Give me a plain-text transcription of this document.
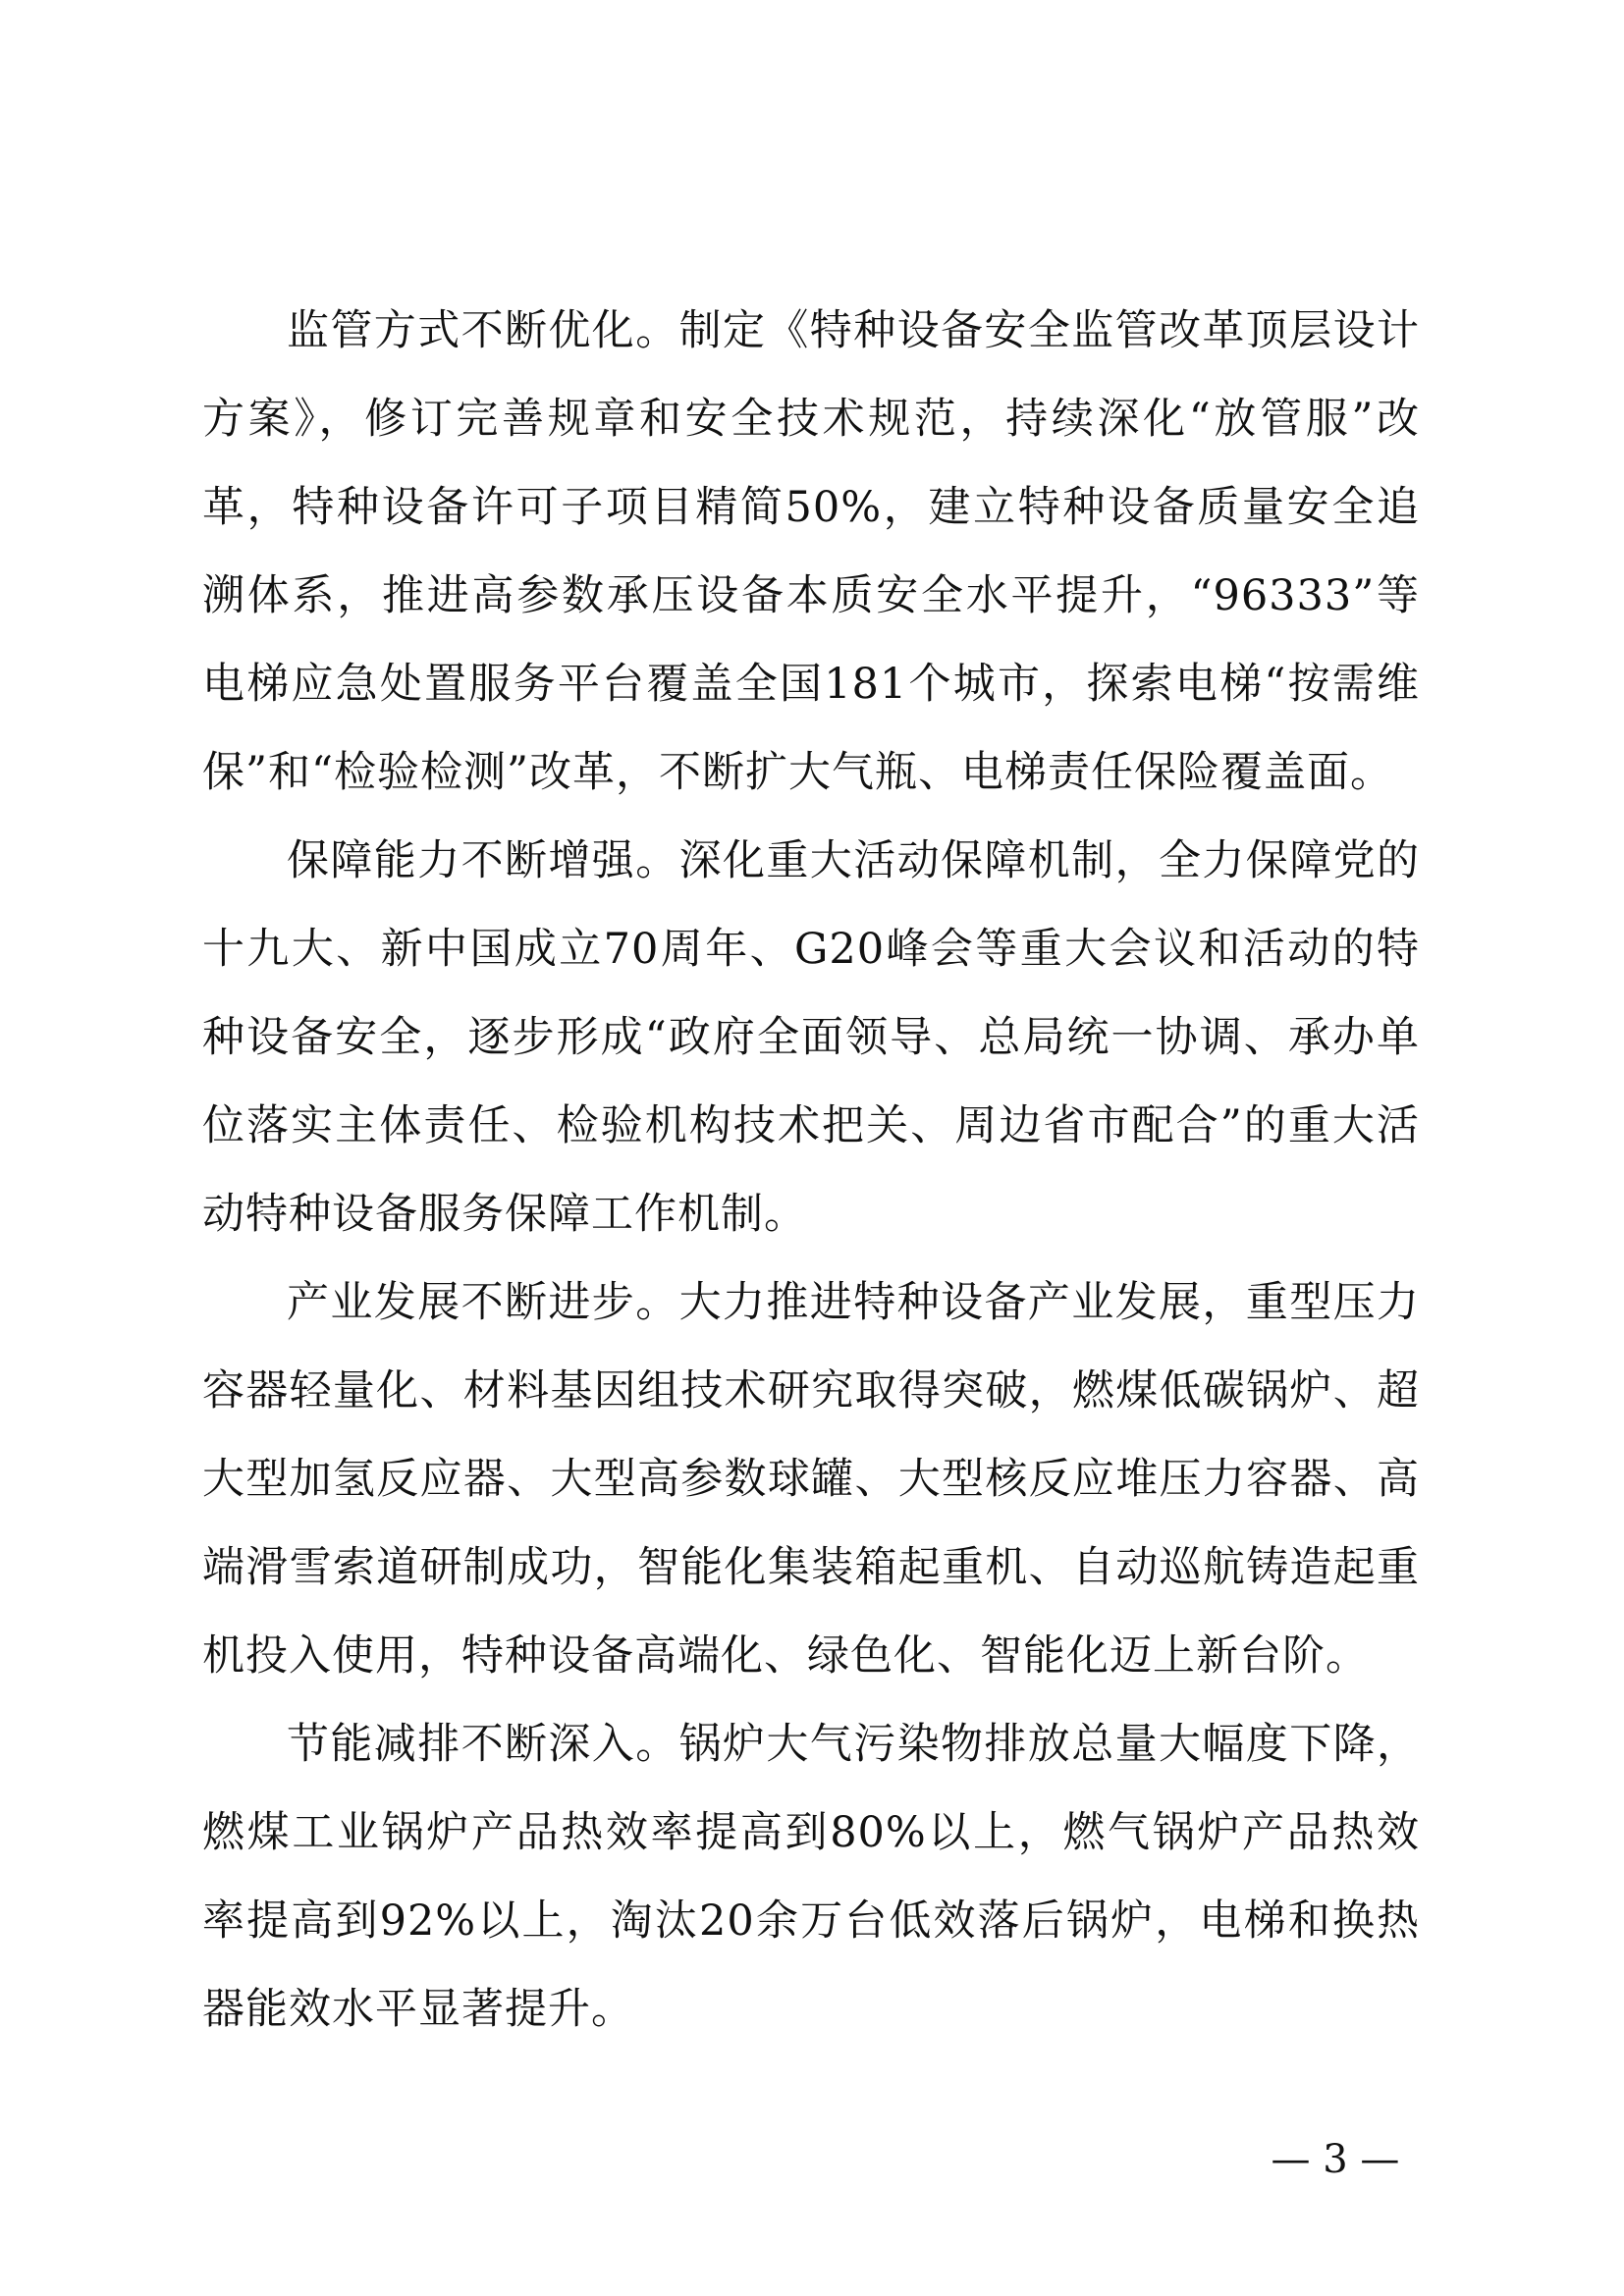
监管方式不断优化。制定《特种设备安全监管改革顶层设计方案》，修订完善规章和安全技术规范，持续深化“放管服”改革，特种设备许可子项目精简50%，建立特种设备质量安全追溯体系，推进高参数承压设备本质安全水平提升，“96333”等电梯应急处置服务平台覆盖全国181个城市，探索电梯“按需维保”和“检验检测”改革，不断扩大气瓶、电梯责任保险覆盖面。

保障能力不断增强。深化重大活动保障机制，全力保障党的十九大、新中国成立70周年、G20峰会等重大会议和活动的特种设备安全，逐步形成“政府全面领导、总局统一协调、承办单位落实主体责任、检验机构技术把关、周边省市配合”的重大活动特种设备服务保障工作机制。

产业发展不断进步。大力推进特种设备产业发展，重型压力容器轻量化、材料基因组技术研究取得突破，燃煤低碳锅炉、超大型加氢反应器、大型高参数球罐、大型核反应堆压力容器、高端滑雪索道研制成功，智能化集装箱起重机、自动巡航铸造起重机投入使用，特种设备高端化、绿色化、智能化迈上新台阶。

节能减排不断深入。锅炉大气污染物排放总量大幅度下降，燃煤工业锅炉产品热效率提高到80%以上，燃气锅炉产品热效率提高到92%以上，淘汰20余万台低效落后锅炉，电梯和换热器能效水平显著提升。

— 3 —
